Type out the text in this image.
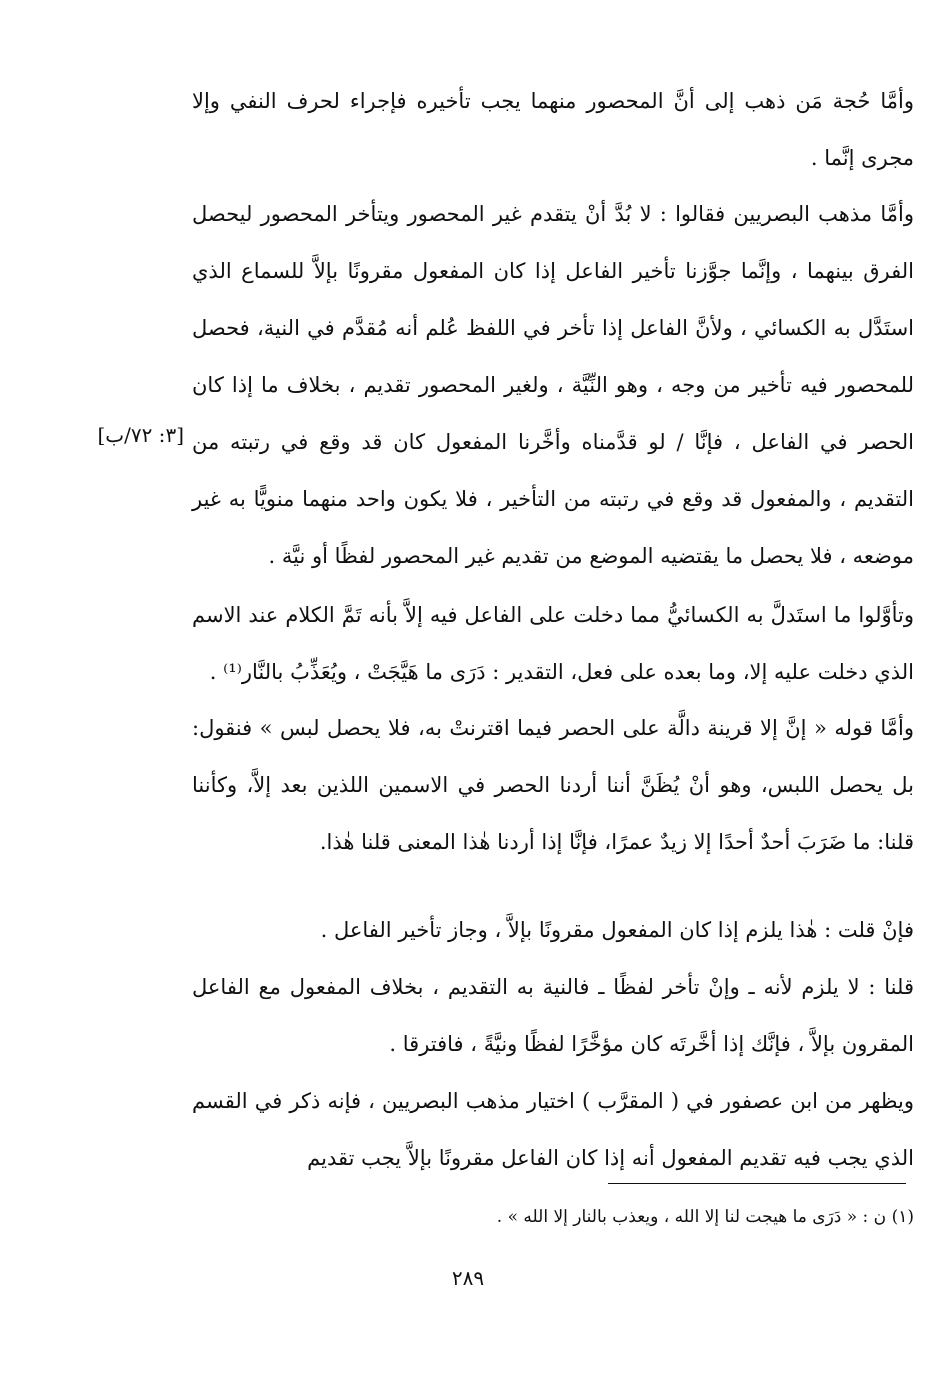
وأمَّا حُجة مَن ذهب إلى أنَّ المحصور منهما يجب تأخيره فإجراء لحرف النفي وإلا مجرى إنَّما .

وأمَّا مذهب البصريين فقالوا : لا بُدَّ أنْ يتقدم غير المحصور ويتأخر المحصور ليحصل الفرق بينهما ، وإنَّما جوَّزنا تأخير الفاعل إذا كان المفعول مقرونًا بإلاَّ للسماع الذي استَدَّل به الكسائي ، ولأنَّ الفاعل إذا تأخر في اللفظ عُلم أنه مُقدَّم في النية، فحصل للمحصور فيه تأخير من وجه ، وهو النِّيَّة ، ولغير المحصور تقديم ، بخلاف ما إذا كان الحصر في الفاعل ، فإنَّا / لو قدَّمناه وأخَّرنا المفعول كان قد وقع في رتبته من التقديم ، والمفعول قد وقع في رتبته من التأخير ، فلا يكون واحد منهما منويًّا به غير موضعه ، فلا يحصل ما يقتضيه الموضع من تقديم غير المحصور لفظًا أو نيَّة .

[٣: ٧٢/ب]

وتأوَّلوا ما استَدلَّ به الكسائيُّ مما دخلت على الفاعل فيه إلاَّ بأنه تَمَّ الكلام عند الاسم الذي دخلت عليه إلا، وما بعده على فعل، التقدير : دَرَى ما هَيَّجَتْ ، ويُعَذِّبُ بالنَّار⁽¹⁾ .

وأمَّا قوله « إنَّ إلا قرينة دالَّة على الحصر فيما اقترنتْ به، فلا يحصل لبس » فنقول: بل يحصل اللبس، وهو أنْ يُظَنَّ أننا أردنا الحصر في الاسمين اللذين بعد إلاَّ، وكأننا قلنا: ما ضَرَبَ أحدٌ أحدًا إلا زيدٌ عمرًا، فإنَّا إذا أردنا هٰذا المعنى قلنا هٰذا.

فإنْ قلت : هٰذا يلزم إذا كان المفعول مقرونًا بإلاَّ ، وجاز تأخير الفاعل .

قلنا : لا يلزم لأنه ـ وإنْ تأخر لفظًا ـ فالنية به التقديم ، بخلاف المفعول مع الفاعل المقرون بإلاَّ ، فإنَّك إذا أخَّرتَه كان مؤخَّرًا لفظًا ونيَّةً ، فافترقا .

ويظهر من ابن عصفور في ( المقرَّب ) اختيار مذهب البصريين ، فإنه ذكر في القسم الذي يجب فيه تقديم المفعول أنه إذا كان الفاعل مقرونًا بإلاَّ يجب تقديم

(١) ن : « دَرَى ما هيجت لنا إلا الله ، ويعذب بالنار إلا الله » .
٢٨٩
